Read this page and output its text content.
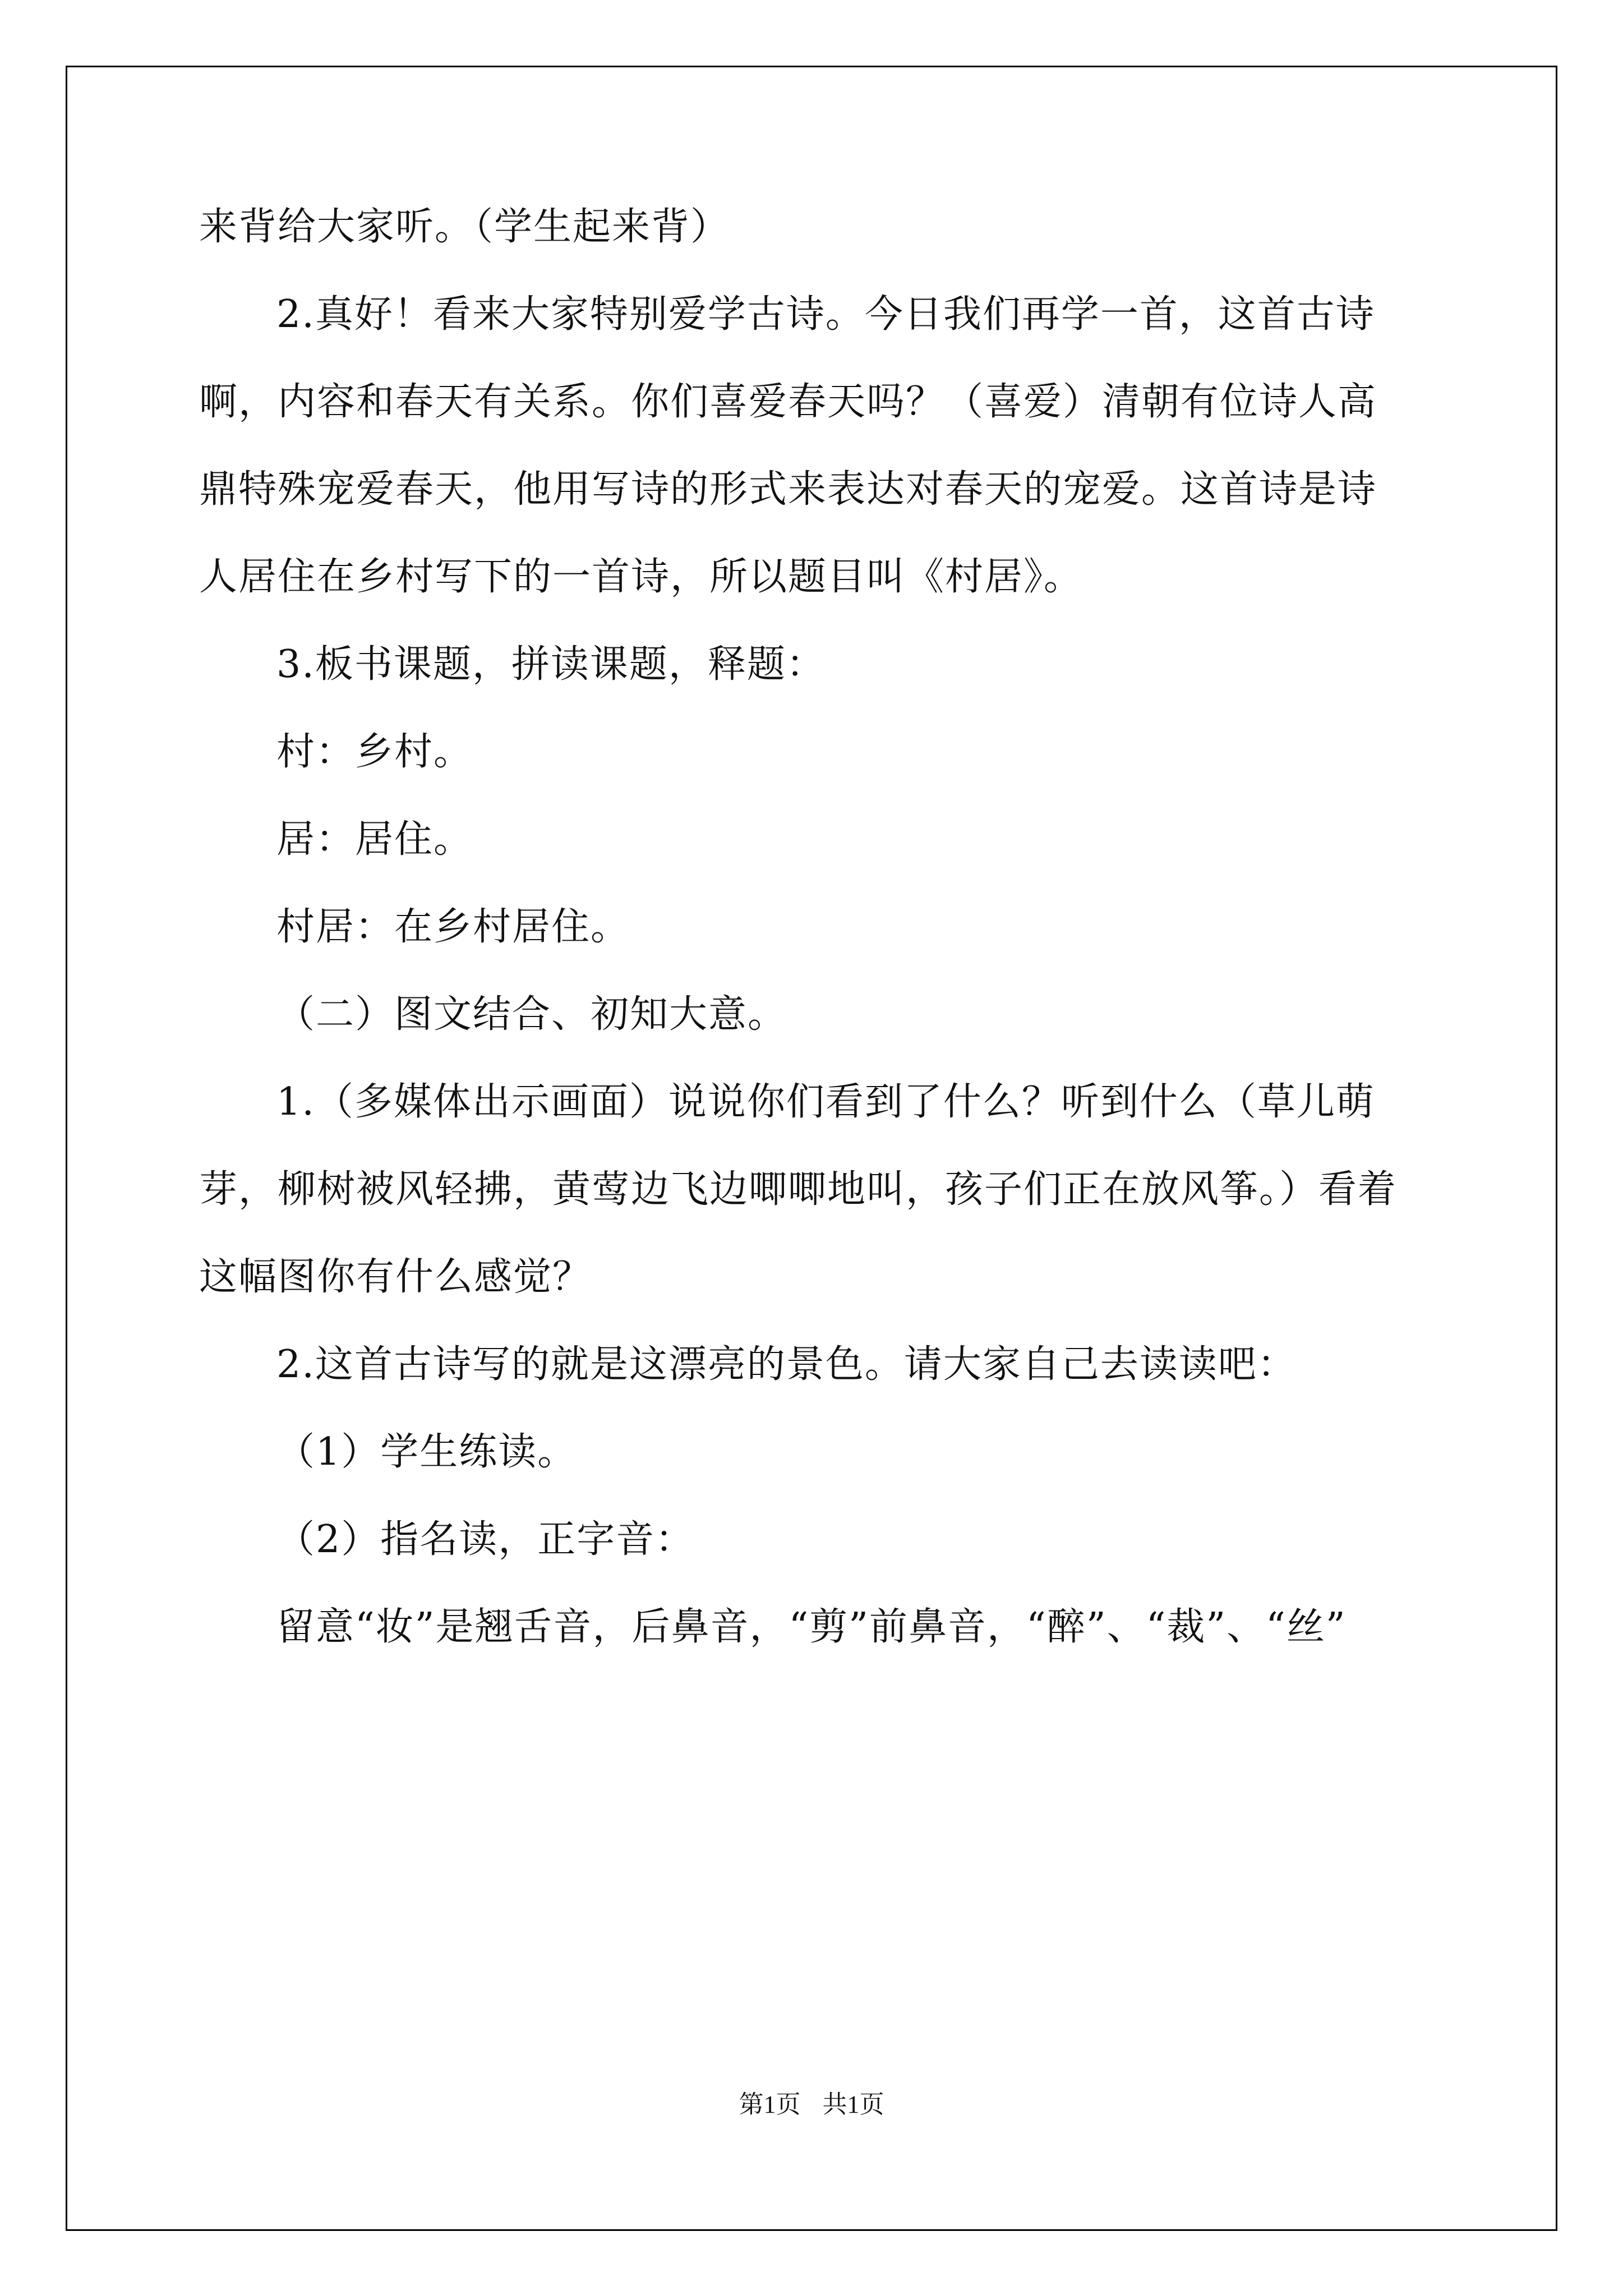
来背给大家听。（学生起来背）
2.真好！看来大家特别爱学古诗。今日我们再学一首，这首古诗
啊，内容和春天有关系。你们喜爱春天吗？（喜爱）清朝有位诗人高
鼎特殊宠爱春天，他用写诗的形式来表达对春天的宠爱。这首诗是诗
人居住在乡村写下的一首诗，所以题目叫《村居》。
3.板书课题，拼读课题，释题：
村：乡村。
居：居住。
村居：在乡村居住。
（二）图文结合、初知大意。
1.（多媒体出示画面）说说你们看到了什么？听到什么（草儿萌
芽，柳树被风轻拂，黄莺边飞边唧唧地叫，孩子们正在放风筝。）看着
这幅图你有什么感觉？
2.这首古诗写的就是这漂亮的景色。请大家自己去读读吧：
（1）学生练读。
（2）指名读，正字音：
留意“妆”是翘舌音，后鼻音，“剪”前鼻音，“醉”、“裁”、“丝”
第1页 共1页
